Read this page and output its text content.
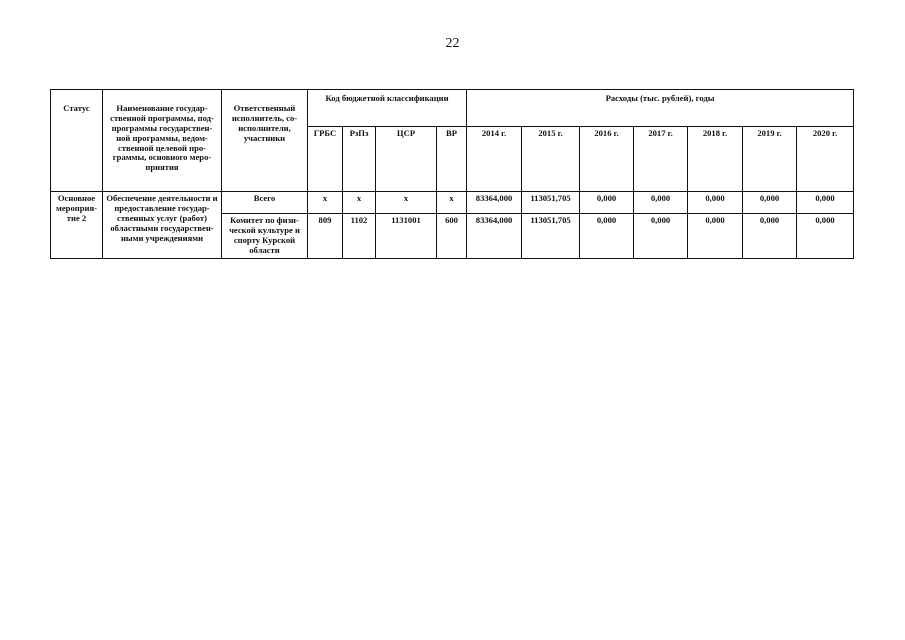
22
Статус	Наименование государ-ственной программы, под-программы государствен-ной программы, ведом-ственной целевой про-граммы, основного меро-приятия	Ответственный исполнитель, со-исполнители, участники	Код бюджетной классификации				Расходы (тыс. рублей), годы						
			ГРБС	РзПз	ЦСР	ВР	2014 г.	2015 г.	2016 г.	2017 г.	2018 г.	2019 г.	2020 г.
Основное мероприя-тие 2	Обеспечение деятельности и предоставление государ-ственных услуг (работ) областными государствен-ными учреждениями	Всего	х	х	х	х	83364,000	113051,705	0,000	0,000	0,000	0,000	0,000
		Комитет по физи-ческой культуре и спорту Курской области	809	1102	1131001	600	83364,000	113051,705	0,000	0,000	0,000	0,000	0,000
